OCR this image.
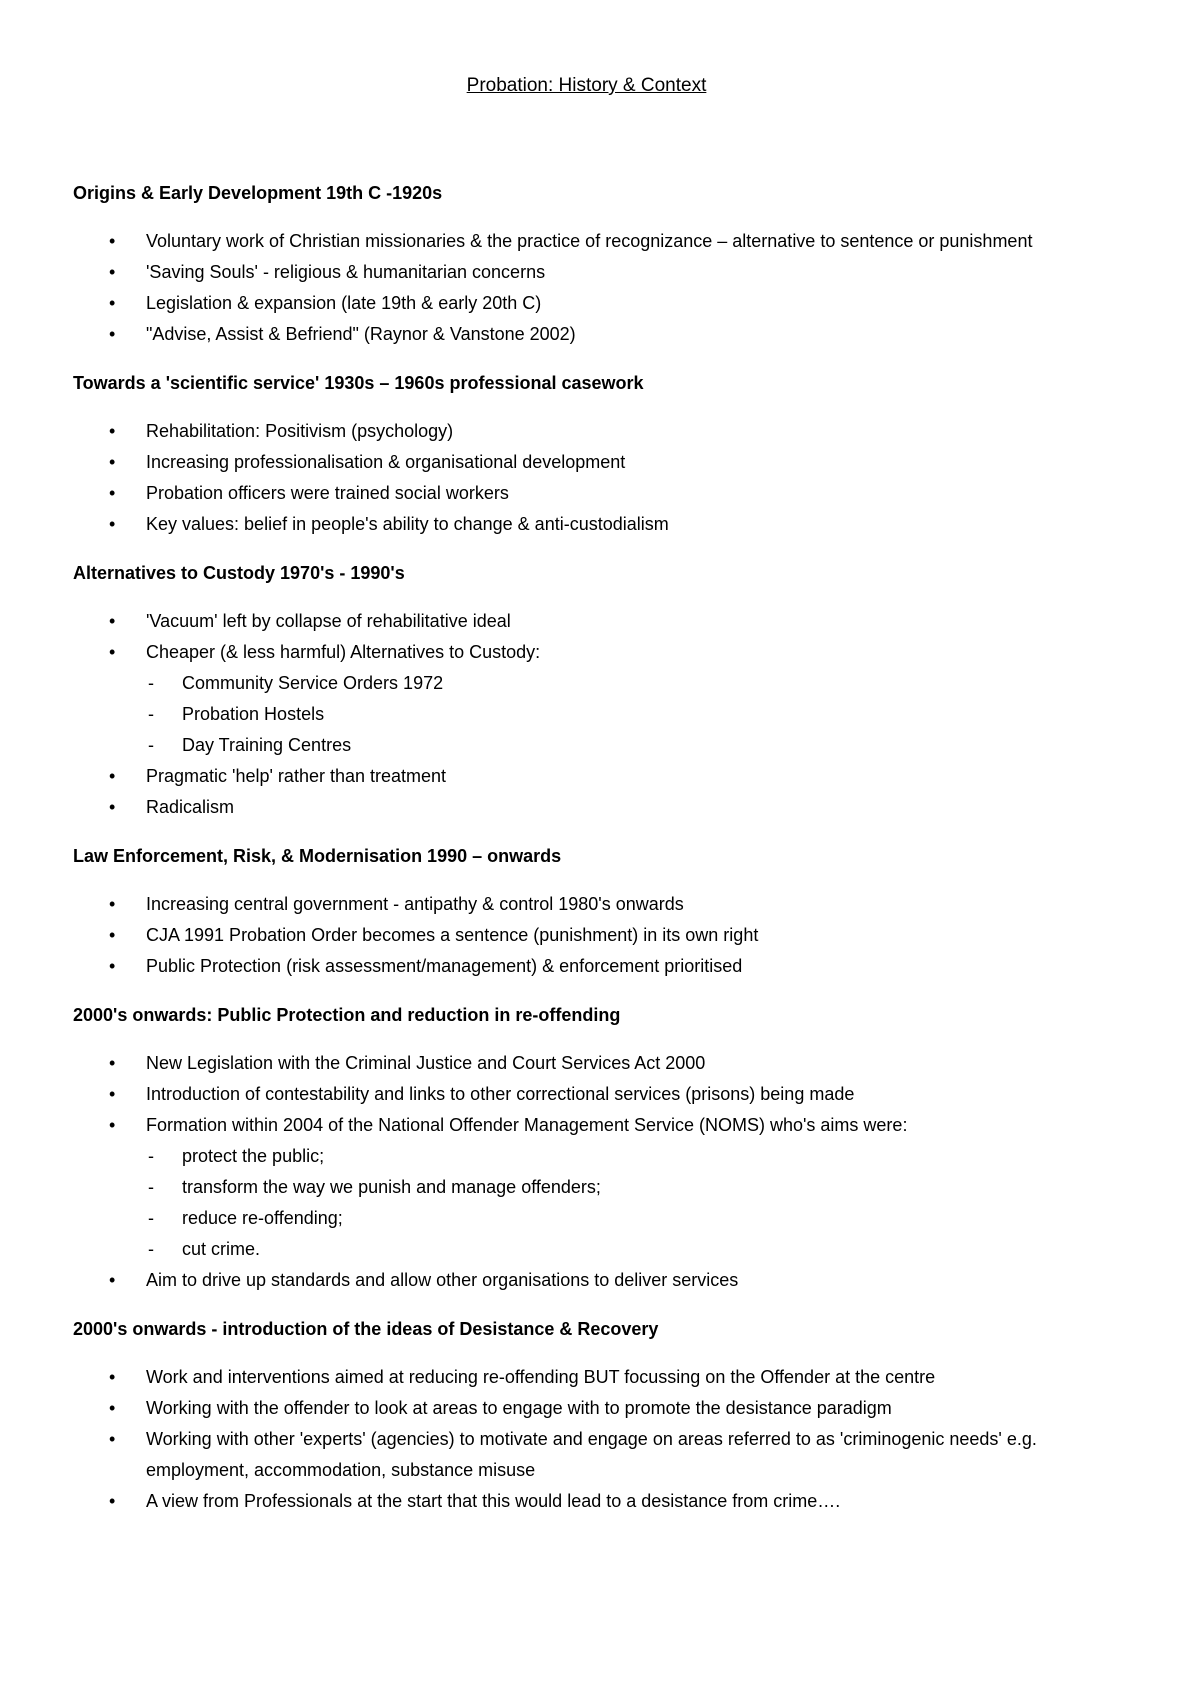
Probation: History & Context
Origins & Early Development 19th C -1920s
• Voluntary work of Christian missionaries & the practice of recognizance – alternative to sentence or punishment
• 'Saving Souls' - religious & humanitarian concerns
• Legislation & expansion (late 19th & early 20th C)
• "Advise, Assist & Befriend" (Raynor & Vanstone 2002)
Towards a 'scientific service' 1930s – 1960s professional casework
• Rehabilitation: Positivism (psychology)
• Increasing professionalisation & organisational development
• Probation officers were trained social workers
• Key values: belief in people's ability to change & anti-custodialism
Alternatives to Custody 1970's - 1990's
• 'Vacuum' left by collapse of rehabilitative ideal
• Cheaper (& less harmful) Alternatives to Custody:
- Community Service Orders 1972
- Probation Hostels
- Day Training Centres
• Pragmatic 'help' rather than treatment
• Radicalism
Law Enforcement, Risk, & Modernisation 1990 – onwards
• Increasing central government - antipathy & control 1980's onwards
• CJA 1991 Probation Order becomes a sentence (punishment) in its own right
• Public Protection (risk assessment/management) & enforcement prioritised
2000's onwards: Public Protection and reduction in re-offending
• New Legislation with the Criminal Justice and Court Services Act 2000
• Introduction of contestability and links to other correctional services (prisons) being made
• Formation within 2004 of the National Offender Management Service (NOMS) who's aims were:
- protect the public;
- transform the way we punish and manage offenders;
- reduce re-offending;
- cut crime.
• Aim to drive up standards and allow other organisations to deliver services
2000's onwards - introduction of the ideas of Desistance & Recovery
• Work and interventions aimed at reducing re-offending BUT focussing on the Offender at the centre
• Working with the offender to look at areas to engage with to promote the desistance paradigm
• Working with other 'experts' (agencies) to motivate and engage on areas referred to as 'criminogenic needs' e.g. employment, accommodation, substance misuse
• A view from Professionals at the start that this would lead to a desistance from crime….
